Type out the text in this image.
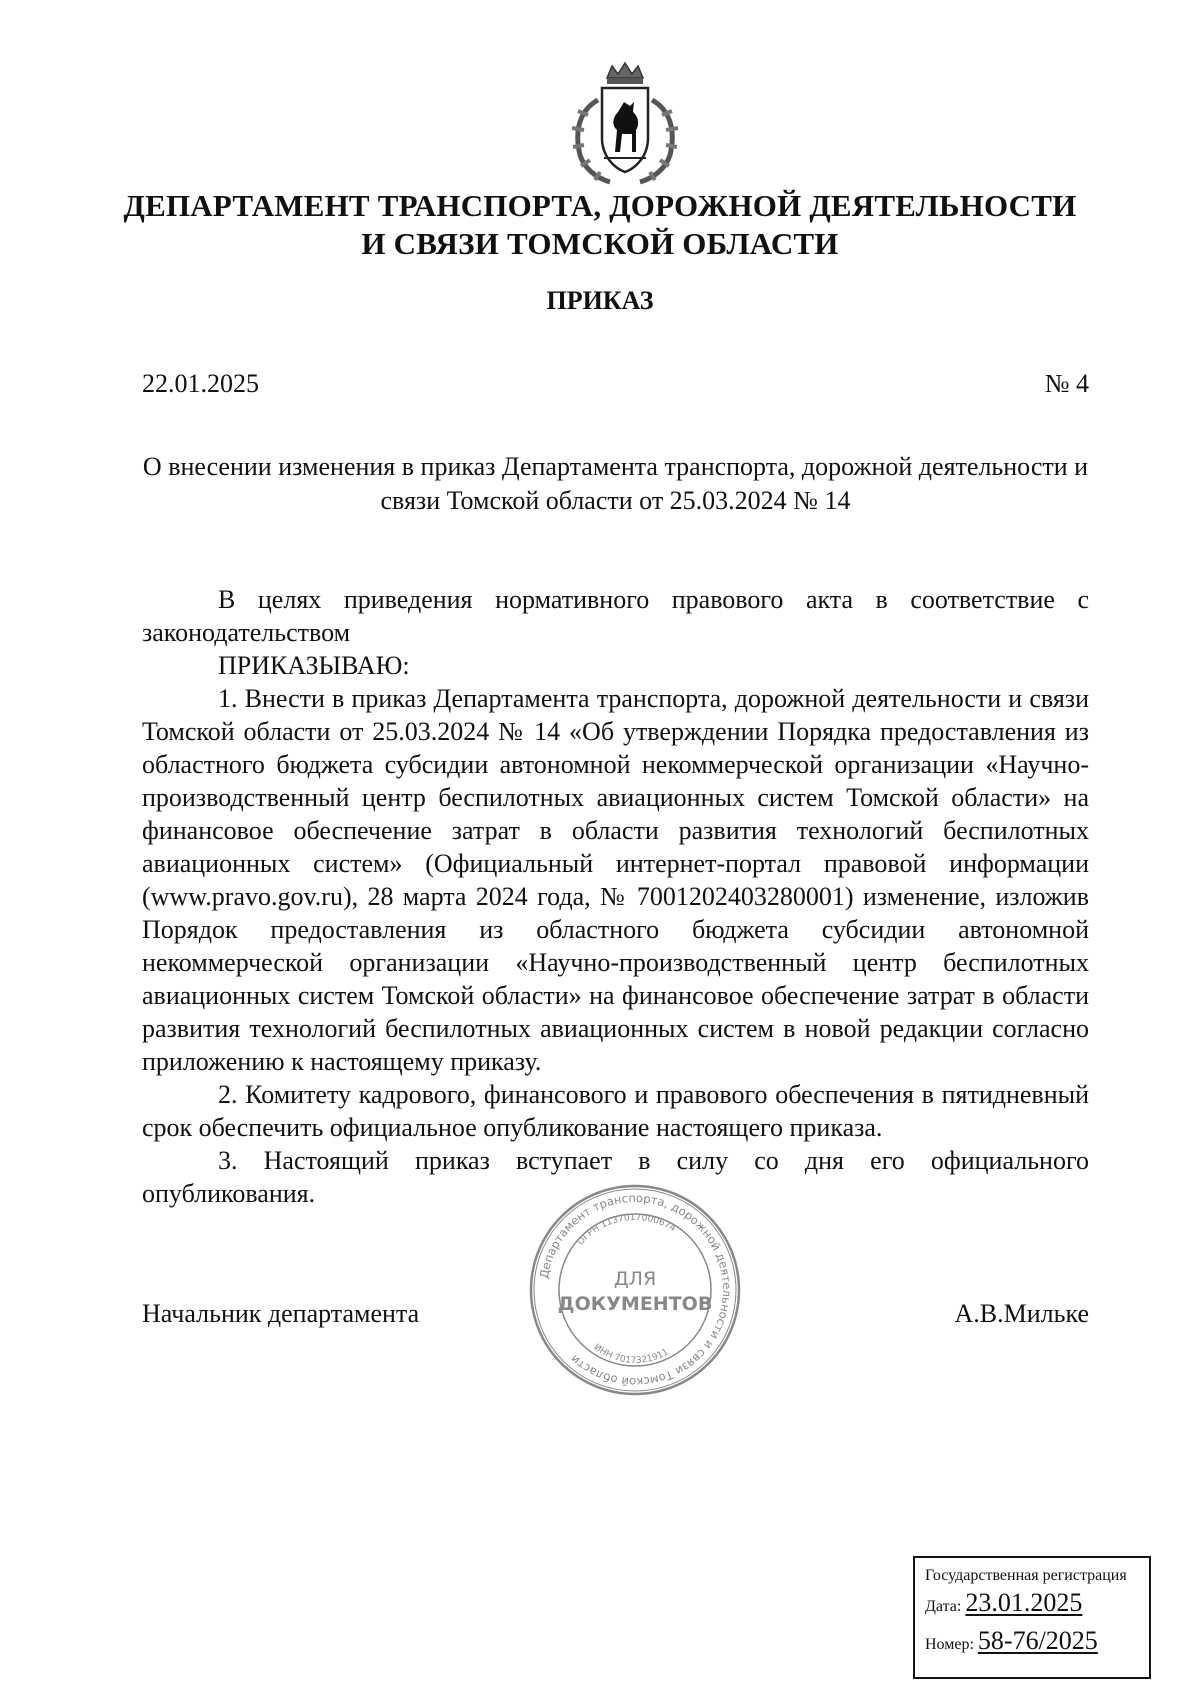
ДЕПАРТАМЕНТ ТРАНСПОРТА, ДОРОЖНОЙ ДЕЯТЕЛЬНОСТИ
И СВЯЗИ ТОМСКОЙ ОБЛАСТИ
ПРИКАЗ
22.01.2025	№ 4
О внесении изменения в приказ Департамента транспорта, дорожной деятельности и связи Томской области от 25.03.2024 № 14

В целях приведения нормативного правового акта в соответствие с законодательством

ПРИКАЗЫВАЮ:

1. Внести в приказ Департамента транспорта, дорожной деятельности и связи Томской области от 25.03.2024 № 14 «Об утверждении Порядка предоставления из областного бюджета субсидии автономной некоммерческой организации «Научно-производственный центр беспилотных авиационных систем Томской области» на финансовое обеспечение затрат в области развития технологий беспилотных авиационных систем» (Официальный интернет-портал правовой информации (www.pravo.gov.ru), 28 марта 2024 года, № 7001202403280001) изменение, изложив Порядок предоставления из областного бюджета субсидии автономной некоммерческой организации «Научно-производственный центр беспилотных авиационных систем Томской области» на финансовое обеспечение затрат в области развития технологий беспилотных авиационных систем в новой редакции согласно приложению к настоящему приказу.

2. Комитету кадрового, финансового и правового обеспечения в пятидневный срок обеспечить официальное опубликование настоящего приказа.

3. Настоящий приказ вступает в силу со дня его официального опубликования.

Начальник департамента	А.В.Мильке
Департамент транспорта, дорожной деятельности и связи Томской области
ОГРН 1137017000674
ИНН 7017321911
ДЛЯ
ДОКУМЕНТОВ
Государственная регистрация
Дата: 23.01.2025
Номер: 58-76/2025
